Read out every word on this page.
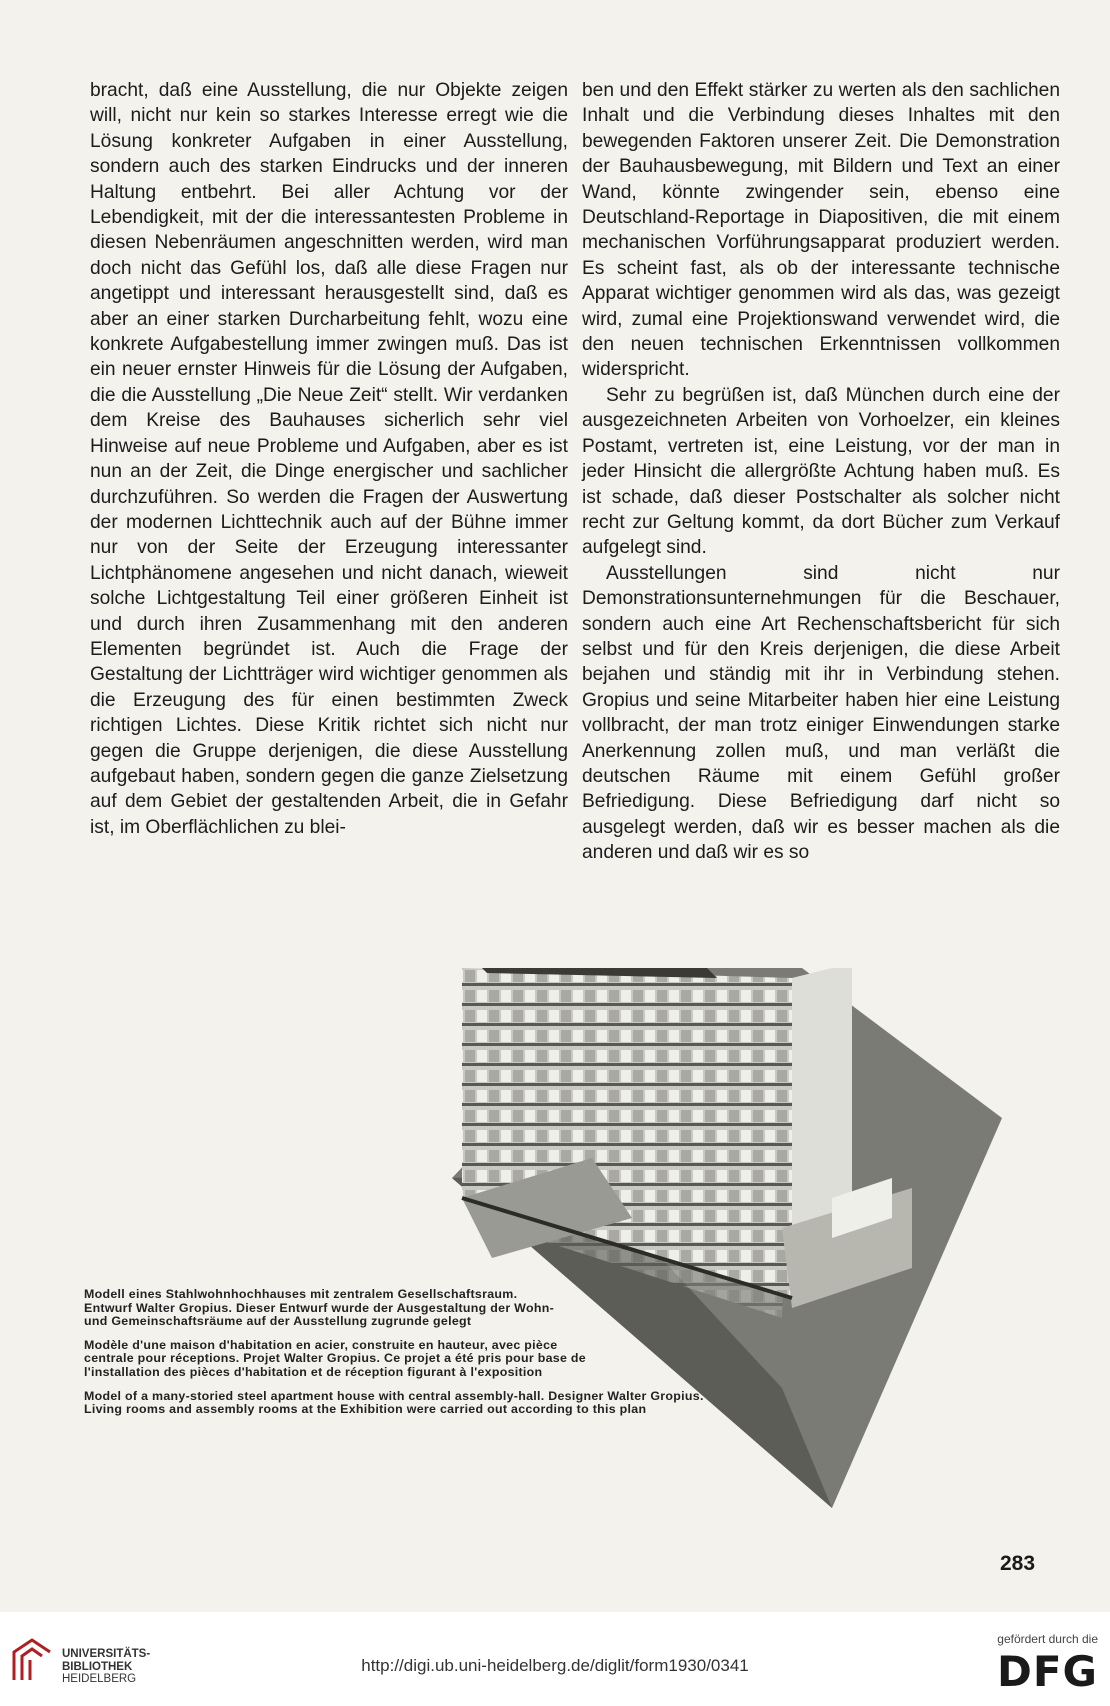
bracht, daß eine Ausstellung, die nur Objekte zeigen will, nicht nur kein so starkes Interesse erregt wie die Lösung konkreter Aufgaben in einer Ausstellung, sondern auch des starken Eindrucks und der inneren Haltung entbehrt. Bei aller Achtung vor der Lebendigkeit, mit der die interessantesten Probleme in diesen Nebenräumen angeschnitten werden, wird man doch nicht das Gefühl los, daß alle diese Fragen nur angetippt und interessant herausgestellt sind, daß es aber an einer starken Durcharbeitung fehlt, wozu eine konkrete Aufgabestellung immer zwingen muß. Das ist ein neuer ernster Hinweis für die Lösung der Aufgaben, die die Ausstellung „Die Neue Zeit“ stellt. Wir verdanken dem Kreise des Bauhauses sicherlich sehr viel Hinweise auf neue Probleme und Aufgaben, aber es ist nun an der Zeit, die Dinge energischer und sachlicher durchzuführen. So werden die Fragen der Auswertung der modernen Lichttechnik auch auf der Bühne immer nur von der Seite der Erzeugung interessanter Lichtphänomene angesehen und nicht danach, wieweit solche Lichtgestaltung Teil einer größeren Einheit ist und durch ihren Zusammenhang mit den anderen Elementen begründet ist. Auch die Frage der Gestaltung der Lichtträger wird wichtiger genommen als die Erzeugung des für einen bestimmten Zweck richtigen Lichtes. Diese Kritik richtet sich nicht nur gegen die Gruppe derjenigen, die diese Ausstellung aufgebaut haben, sondern gegen die ganze Zielsetzung auf dem Gebiet der gestaltenden Arbeit, die in Gefahr ist, im Oberflächlichen zu blei-

ben und den Effekt stärker zu werten als den sachlichen Inhalt und die Verbindung dieses Inhaltes mit den bewegenden Faktoren unserer Zeit. Die Demonstration der Bauhausbewegung, mit Bildern und Text an einer Wand, könnte zwingender sein, ebenso eine Deutschland-Reportage in Diapositiven, die mit einem mechanischen Vorführungsapparat produziert werden. Es scheint fast, als ob der interessante technische Apparat wichtiger genommen wird als das, was gezeigt wird, zumal eine Projektionswand verwendet wird, die den neuen technischen Erkenntnissen vollkommen widerspricht.

Sehr zu begrüßen ist, daß München durch eine der ausgezeichneten Arbeiten von Vorhoelzer, ein kleines Postamt, vertreten ist, eine Leistung, vor der man in jeder Hinsicht die allergrößte Achtung haben muß. Es ist schade, daß dieser Postschalter als solcher nicht recht zur Geltung kommt, da dort Bücher zum Verkauf aufgelegt sind.

Ausstellungen sind nicht nur Demonstrationsunternehmungen für die Beschauer, sondern auch eine Art Rechenschaftsbericht für sich selbst und für den Kreis derjenigen, die diese Arbeit bejahen und ständig mit ihr in Verbindung stehen. Gropius und seine Mitarbeiter haben hier eine Leistung vollbracht, der man trotz einiger Einwendungen starke Anerkennung zollen muß, und man verläßt die deutschen Räume mit einem Gefühl großer Befriedigung. Diese Befriedigung darf nicht so ausgelegt werden, daß wir es besser machen als die anderen und daß wir es so

Modell eines Stahlwohnhochhauses mit zentralem Gesellschaftsraum. Entwurf Walter Gropius. Dieser Entwurf wurde der Ausgestaltung der Wohn- und Gemeinschaftsräume auf der Ausstellung zugrunde gelegt

Modèle d'une maison d'habitation en acier, construite en hauteur, avec pièce centrale pour réceptions. Projet Walter Gropius. Ce projet a été pris pour base de l'installation des pièces d'habitation et de réception figurant à l'exposition

Model of a many-storied steel apartment house with central assembly-hall. Designer Walter Gropius. Living rooms and assembly rooms at the Exhibition were carried out according to this plan

283
UNIVERSITÄTS-
BIBLIOTHEK
HEIDELBERG
http://digi.ub.uni-heidelberg.de/diglit/form1930/0341
gefördert durch die
DFG
